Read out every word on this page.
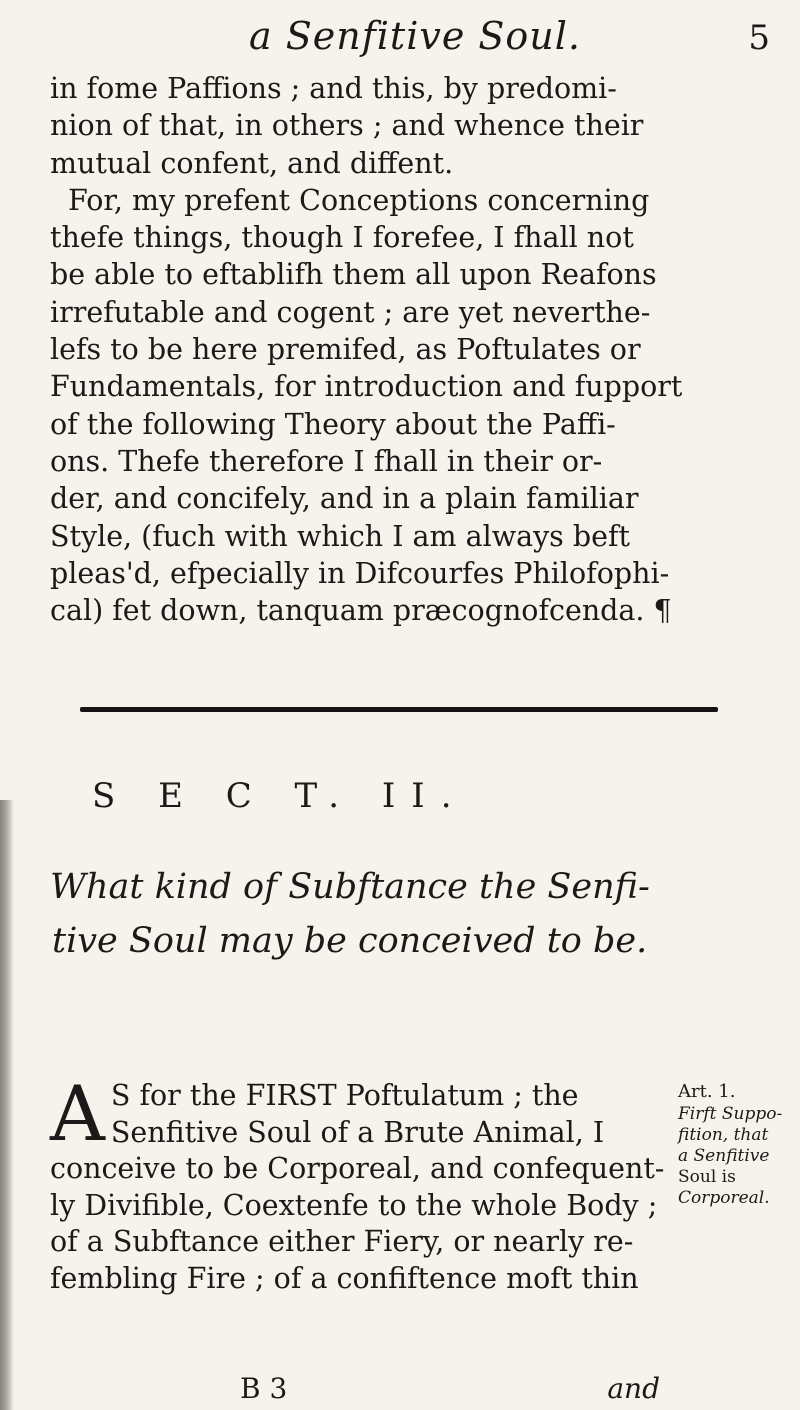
a Senfitive Soul.	5
in fome Paffions ; and this, by predomi-
nion of that, in others ; and whence their
mutual confent, and diffent.
For, my prefent Conceptions concerning
thefe things, though I forefee, I fhall not
be able to eftablifh them all upon Reafons
irrefutable and cogent ; are yet neverthe-
lefs to be here premifed, as Poftulates or
Fundamentals, for introduction and fupport
of the following Theory about the Paffi-
ons. Thefe therefore I fhall in their or-
der, and concifely, and in a plain familiar
Style, (fuch with which I am always beft
pleas'd, efpecially in Difcourfes Philofophi-
cal) fet down, tanquam præcognofcenda. ¶
S E C T. II.
What kind of Subftance the Senfi-
tive Soul may be conceived to be.
A S for the FIRST Poftulatum ; the
Senfitive Soul of a Brute Animal, I
conceive to be Corporeal, and confequent-
ly Divifible, Coextenfe to the whole Body ;
of a Subftance either Fiery, or nearly re-
fembling Fire ; of a confiftence moft thin
Art. 1.
Firft Suppo-
fition, that
a Senfitive
Soul is
Corporeal.
B 3	and
